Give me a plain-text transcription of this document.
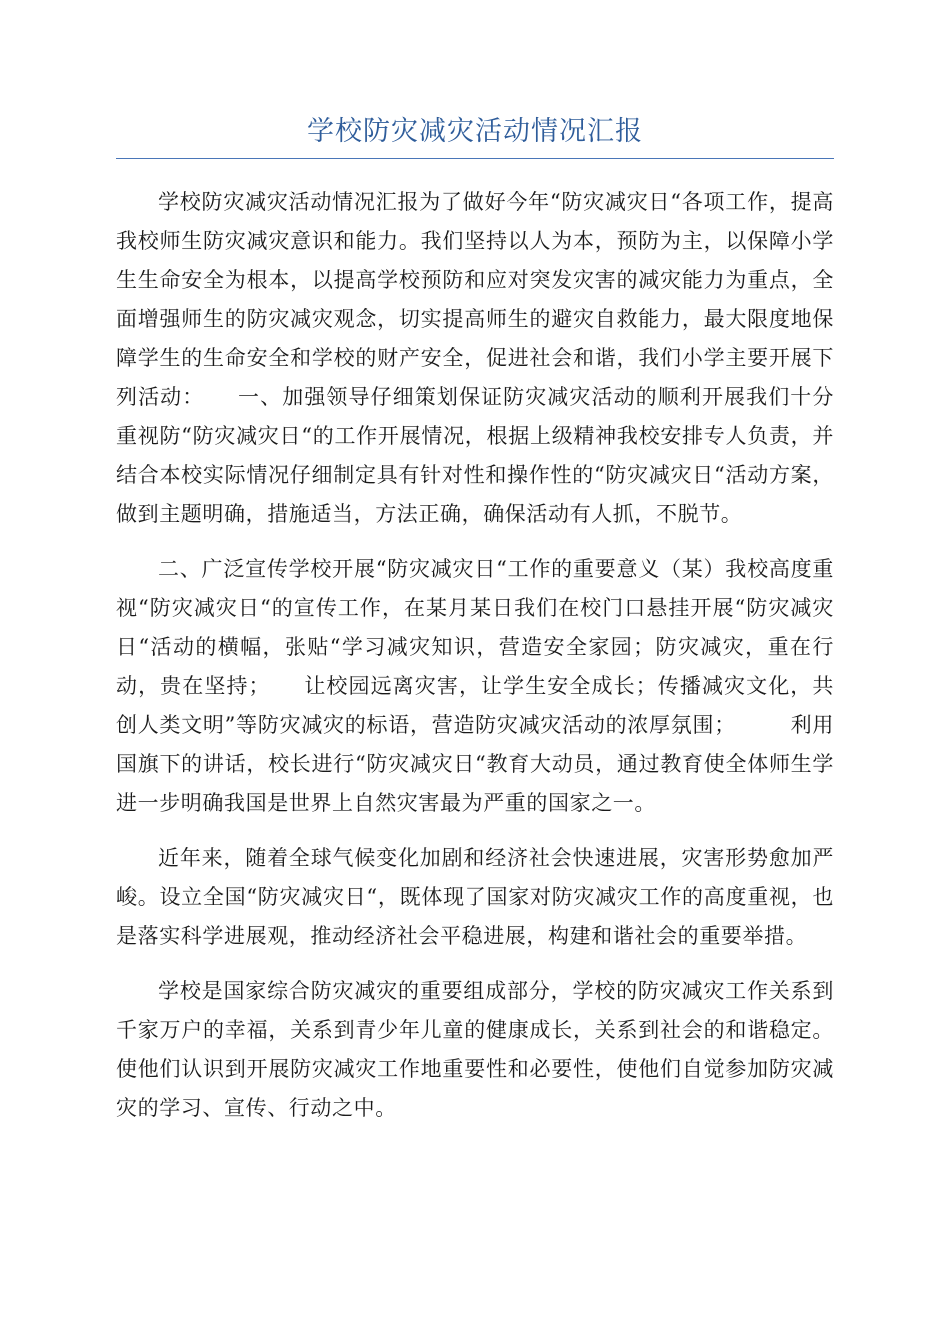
学校防灾减灾活动情况汇报

学校防灾减灾活动情况汇报为了做好今年“防灾减灾日“各项工作，提高我校师生防灾减灾意识和能力。我们坚持以人为本，预防为主，以保障小学生生命安全为根本，以提高学校预防和应对突发灾害的减灾能力为重点，全面增强师生的防灾减灾观念，切实提高师生的避灾自救能力，最大限度地保障学生的生命安全和学校的财产安全，促进社会和谐，我们小学主要开展下列活动：　　一、加强领导仔细策划保证防灾减灾活动的顺利开展我们十分重视防“防灾减灾日“的工作开展情况，根据上级精神我校安排专人负责，并结合本校实际情况仔细制定具有针对性和操作性的“防灾减灾日“活动方案，做到主题明确，措施适当，方法正确，确保活动有人抓，不脱节。

二、广泛宣传学校开展“防灾减灾日“工作的重要意义（某）我校高度重视“防灾减灾日“的宣传工作，在某月某日我们在校门口悬挂开展“防灾减灾日“活动的横幅，张贴“学习减灾知识，营造安全家园；防灾减灾，重在行动，贵在坚持；　　让校园远离灾害，让学生安全成长；传播减灾文化，共创人类文明”等防灾减灾的标语，营造防灾减灾活动的浓厚氛围；　　　利用国旗下的讲话，校长进行“防灾减灾日“教育大动员，通过教育使全体师生学进一步明确我国是世界上自然灾害最为严重的国家之一。

近年来，随着全球气候变化加剧和经济社会快速进展，灾害形势愈加严峻。设立全国“防灾减灾日“，既体现了国家对防灾减灾工作的高度重视，也是落实科学进展观，推动经济社会平稳进展，构建和谐社会的重要举措。

学校是国家综合防灾减灾的重要组成部分，学校的防灾减灾工作关系到千家万户的幸福，关系到青少年儿童的健康成长，关系到社会的和谐稳定。使他们认识到开展防灾减灾工作地重要性和必要性，使他们自觉参加防灾减灾的学习、宣传、行动之中。
